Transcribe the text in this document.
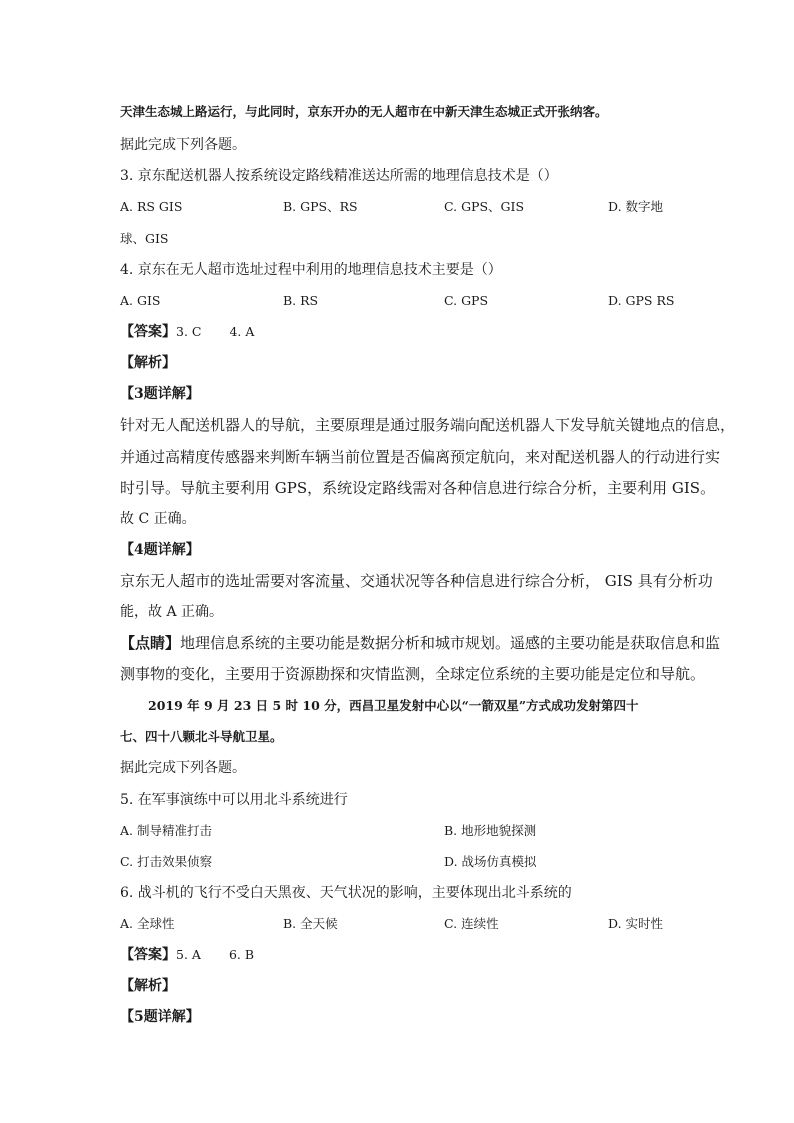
天津生态城上路运行，与此同时，京东开办的无人超市在中新天津生态城正式开张纳客。
据此完成下列各题。
3. 京东配送机器人按系统设定路线精准送达所需的地理信息技术是（）
A. RS GIS	B. GPS、RS	C. GPS、GIS	D. 数字地
球、GIS
4. 京东在无人超市选址过程中利用的地理信息技术主要是（）
A. GIS	B. RS	C. GPS	D. GPS RS
【答案】3. C 4. A
【解析】
【3题详解】
针对无人配送机器人的导航，主要原理是通过服务端向配送机器人下发导航关键地点的信息，
并通过高精度传感器来判断车辆当前位置是否偏离预定航向，来对配送机器人的行动进行实
时引导。导航主要利用 GPS，系统设定路线需对各种信息进行综合分析，主要利用 GIS。
故 C 正确。
【4题详解】
京东无人超市的选址需要对客流量、交通状况等各种信息进行综合分析， GIS 具有分析功
能，故 A 正确。
【点睛】地理信息系统的主要功能是数据分析和城市规划。遥感的主要功能是获取信息和监
测事物的变化，主要用于资源勘探和灾情监测，全球定位系统的主要功能是定位和导航。
2019 年 9 月 23 日 5 时 10 分，西昌卫星发射中心以“一箭双星”方式成功发射第四十
七、四十八颗北斗导航卫星。
据此完成下列各题。
5. 在军事演练中可以用北斗系统进行
A. 制导精准打击	B. 地形地貌探测
C. 打击效果侦察	D. 战场仿真模拟
6. 战斗机的飞行不受白天黑夜、天气状况的影响，主要体现出北斗系统的
A. 全球性	B. 全天候	C. 连续性	D. 实时性
【答案】5. A 6. B
【解析】
【5题详解】
